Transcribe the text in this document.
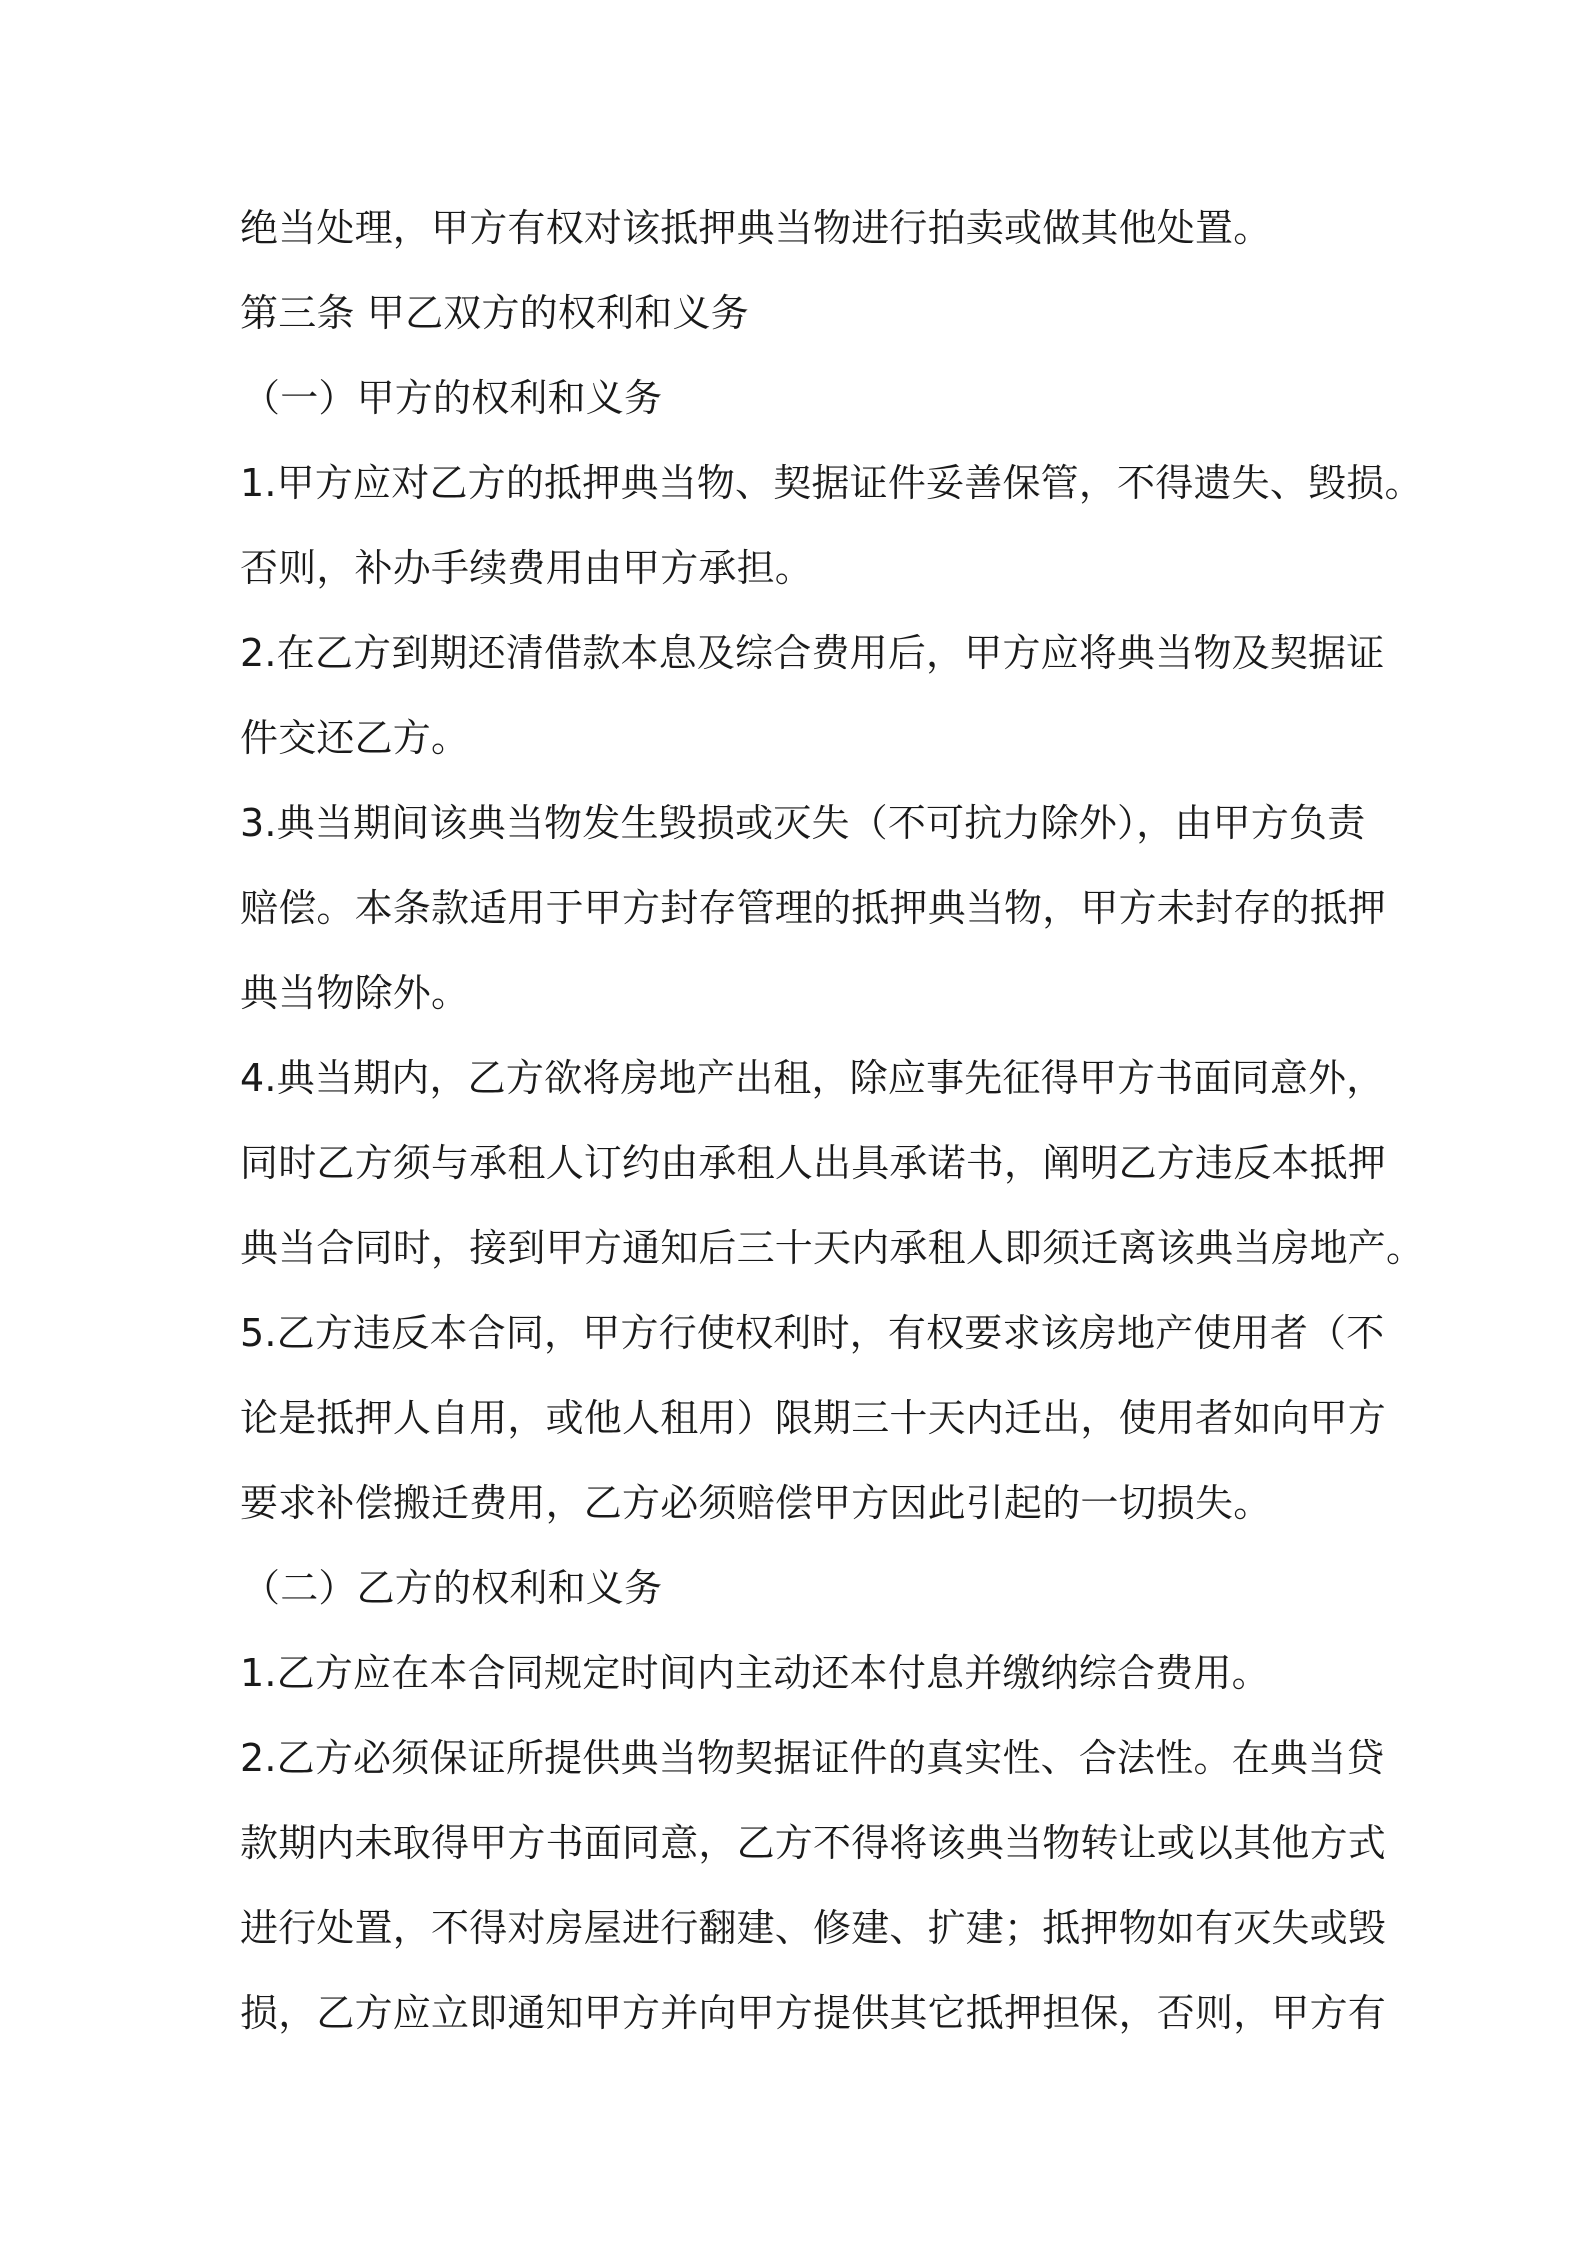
绝当处理，甲方有权对该抵押典当物进行拍卖或做其他处置。
第三条 甲乙双方的权利和义务
（一）甲方的权利和义务
1.甲方应对乙方的抵押典当物、契据证件妥善保管，不得遗失、毁损。
否则，补办手续费用由甲方承担。
2.在乙方到期还清借款本息及综合费用后，甲方应将典当物及契据证
件交还乙方。
3.典当期间该典当物发生毁损或灭失（不可抗力除外），由甲方负责
赔偿。本条款适用于甲方封存管理的抵押典当物，甲方未封存的抵押
典当物除外。
4.典当期内，乙方欲将房地产出租，除应事先征得甲方书面同意外，
同时乙方须与承租人订约由承租人出具承诺书，阐明乙方违反本抵押
典当合同时，接到甲方通知后三十天内承租人即须迁离该典当房地产。
5.乙方违反本合同，甲方行使权利时，有权要求该房地产使用者（不
论是抵押人自用，或他人租用）限期三十天内迁出，使用者如向甲方
要求补偿搬迁费用，乙方必须赔偿甲方因此引起的一切损失。
（二）乙方的权利和义务
1.乙方应在本合同规定时间内主动还本付息并缴纳综合费用。
2.乙方必须保证所提供典当物契据证件的真实性、合法性。在典当贷
款期内未取得甲方书面同意，乙方不得将该典当物转让或以其他方式
进行处置，不得对房屋进行翻建、修建、扩建；抵押物如有灭失或毁
损，乙方应立即通知甲方并向甲方提供其它抵押担保，否则，甲方有
